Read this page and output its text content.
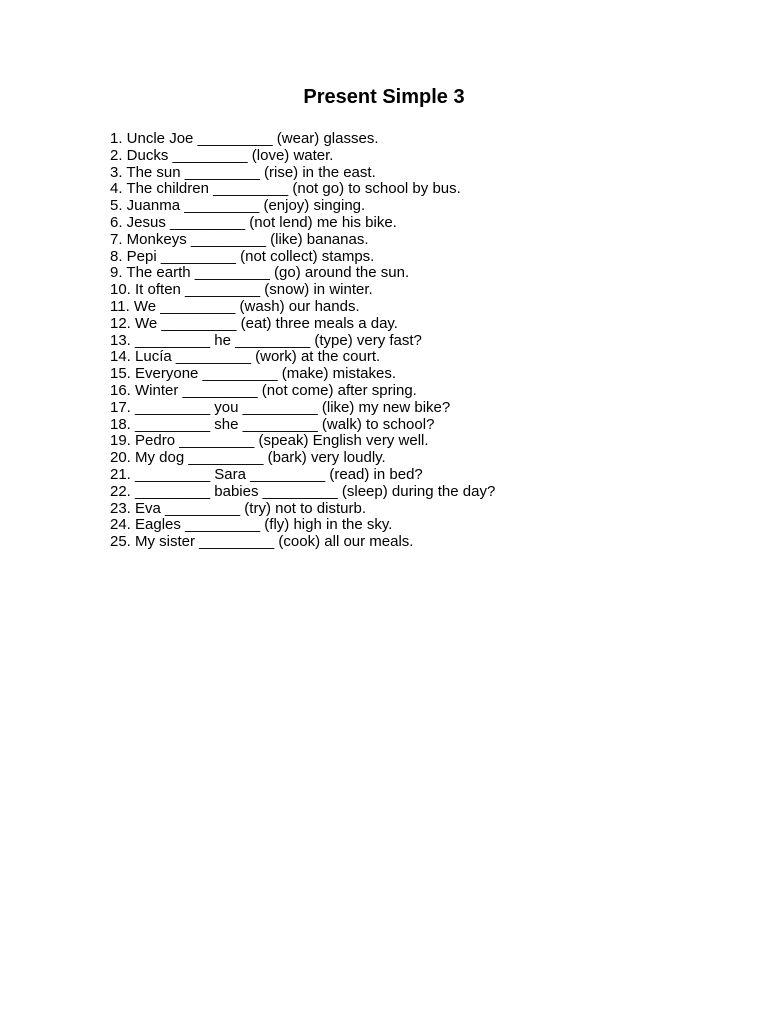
Present Simple 3
1. Uncle Joe _________ (wear) glasses.
2. Ducks _________ (love) water.
3. The sun _________ (rise) in the east.
4. The children _________ (not go) to school by bus.
5. Juanma _________ (enjoy) singing.
6. Jesus _________ (not lend) me his bike.
7. Monkeys _________ (like) bananas.
8. Pepi _________ (not collect) stamps.
9. The earth _________ (go) around the sun.
10. It often _________ (snow) in winter.
11. We _________ (wash) our hands.
12. We _________ (eat) three meals a day.
13. _________ he _________ (type) very fast?
14. Lucía _________ (work) at the court.
15. Everyone _________ (make) mistakes.
16. Winter _________ (not come) after spring.
17. _________ you _________ (like) my new bike?
18. _________ she _________ (walk) to school?
19. Pedro _________ (speak) English very well.
20. My dog _________ (bark) very loudly.
21. _________ Sara _________ (read) in bed?
22. _________ babies _________ (sleep) during the day?
23. Eva _________ (try) not to disturb.
24. Eagles _________ (fly) high in the sky.
25. My sister _________ (cook) all our meals.
